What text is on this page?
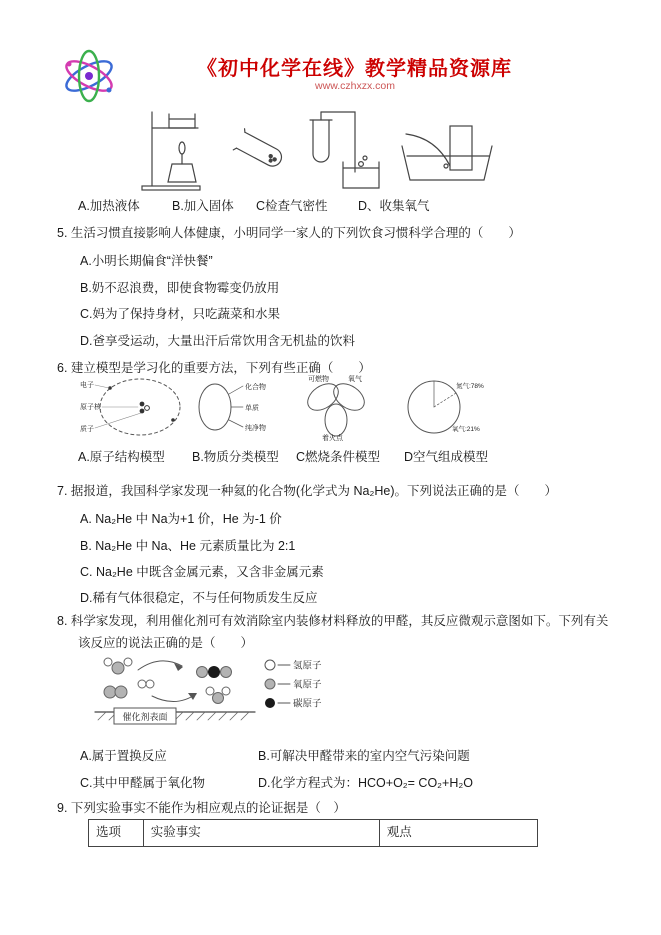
《初中化学在线》教学精品资源库
www.czhxzx.com
A.加热液体	B.加入固体 C检查气密性 D、收集氧气
5. 生活习惯直接影响人体健康，小明同学一家人的下列饮食习惯科学合理的（　　）
A.小明长期偏食“洋快餐”
B.奶不忍浪费，即使食物霉变仍放用
C.妈为了保持身材，只吃蔬菜和水果
D.爸享受运动，大量出汗后常饮用含无机盐的饮料
6. 建立模型是学习化的重要方法，下列有些正确（　　）
电子
原子核
质子
化合物
单质
纯净物
可燃物	氧气
着火点
氮气:78%
氧气:21%
A.原子结构模型 B.物质分类模型 C燃烧条件模型 D空气组成模型
7. 据报道，我国科学家发现一种氦的化合物(化学式为 Na₂He)。下列说法正确的是（　　）
A. Na₂He 中 Na为+1 价，He 为-1 价
B. Na₂He 中 Na、He 元素质量比为 2:1
C. Na₂He 中既含金属元素，又含非金属元素
D.稀有气体很稳定，不与任何物质发生反应
8. 科学家发现，利用催化剂可有效消除室内装修材料释放的甲醛，其反应微观示意图如下。下列有关该反应的说法正确的是（　　）
催化剂表面
氢原子
氧原子
碳原子
A.属于置换反应	B.可解决甲醛带来的室内空气污染问题
C.其中甲醛属于氧化物	D.化学方程式为：HCO+O₂= CO₂+H₂O
9. 下列实验事实不能作为相应观点的论证据是（　）
选项	实验事实	观点
